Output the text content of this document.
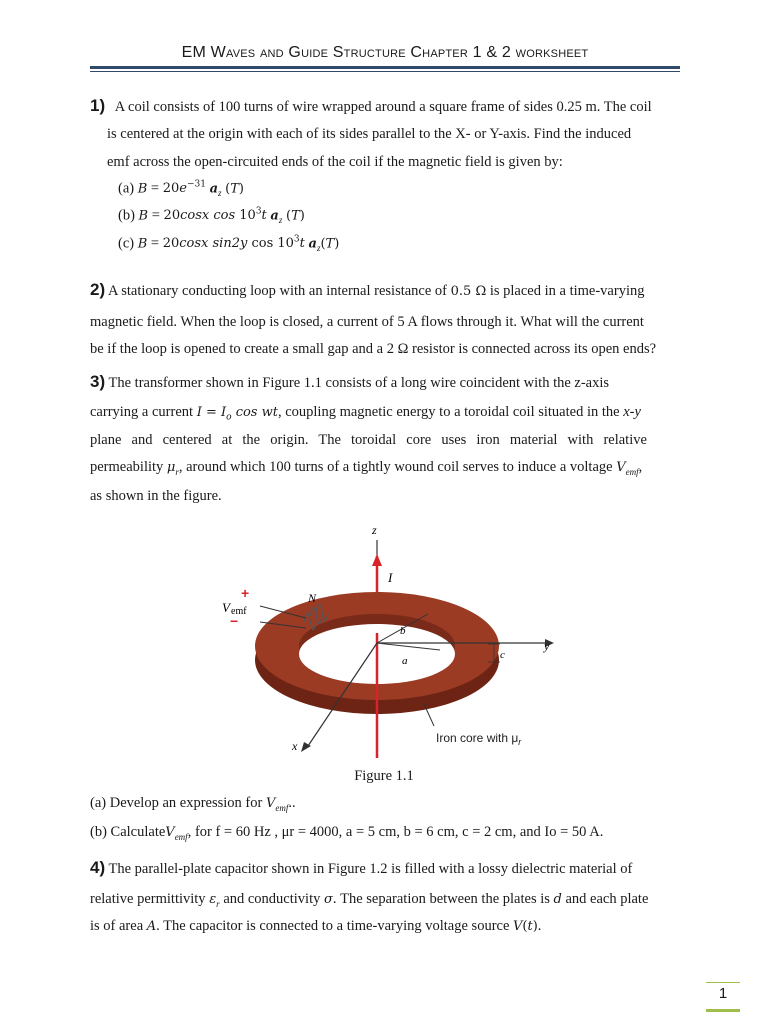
EM Waves and Guide Structure Chapter 1 & 2 worksheet
1) A coil consists of 100 turns of wire wrapped around a square frame of sides 0.25 m. The coil
is centered at the origin with each of its sides parallel to the X- or Y-axis. Find the induced
emf across the open-circuited ends of the coil if the magnetic field is given by:
(a) $B = 20e^{-31}$ $a_z$ (T)
(b) B = 20cosx $\cos 10^3t$ $a_z$ (T)
(c) B = 20cosx sin2y $\cos 10^3t$ $a_z(T)$
2) A stationary conducting loop with an internal resistance of 0.5 Ω is placed in a time-varying
magnetic field. When the loop is closed, a current of 5 A flows through it. What will the current
be if the loop is opened to create a small gap and a 2 Ω resistor is connected across its open ends?
3) The transformer shown in Figure 1.1 consists of a long wire coincident with the z-axis
carrying a current $I = I_o$ cos wt, coupling magnetic energy to a toroidal coil situated in the x-y
plane and centered at the origin. The toroidal core uses iron material with relative
permeability $\mu_r$, around which 100 turns of a tightly wound coil serves to induce a voltage $V_{emf}$,
as shown in the figure.
z
I
y
x
b
a	c
N
+
−
V emf
Iron core with $\mu_r$
Figure 1.1
(a) Develop an expression for $V_{emf}$..
(b) CalculateV$_{emf}$, for f = 60 Hz , μr = 4000, a = 5 cm, b = 6 cm, c = 2 cm, and Io = 50 A.
4) The parallel-plate capacitor shown in Figure 1.2 is filled with a lossy dielectric material of
relative permittivity $\varepsilon_r$ and conductivity σ. The separation between the plates is d and each plate
is of area A. The capacitor is connected to a time-varying voltage source V(t).
1
